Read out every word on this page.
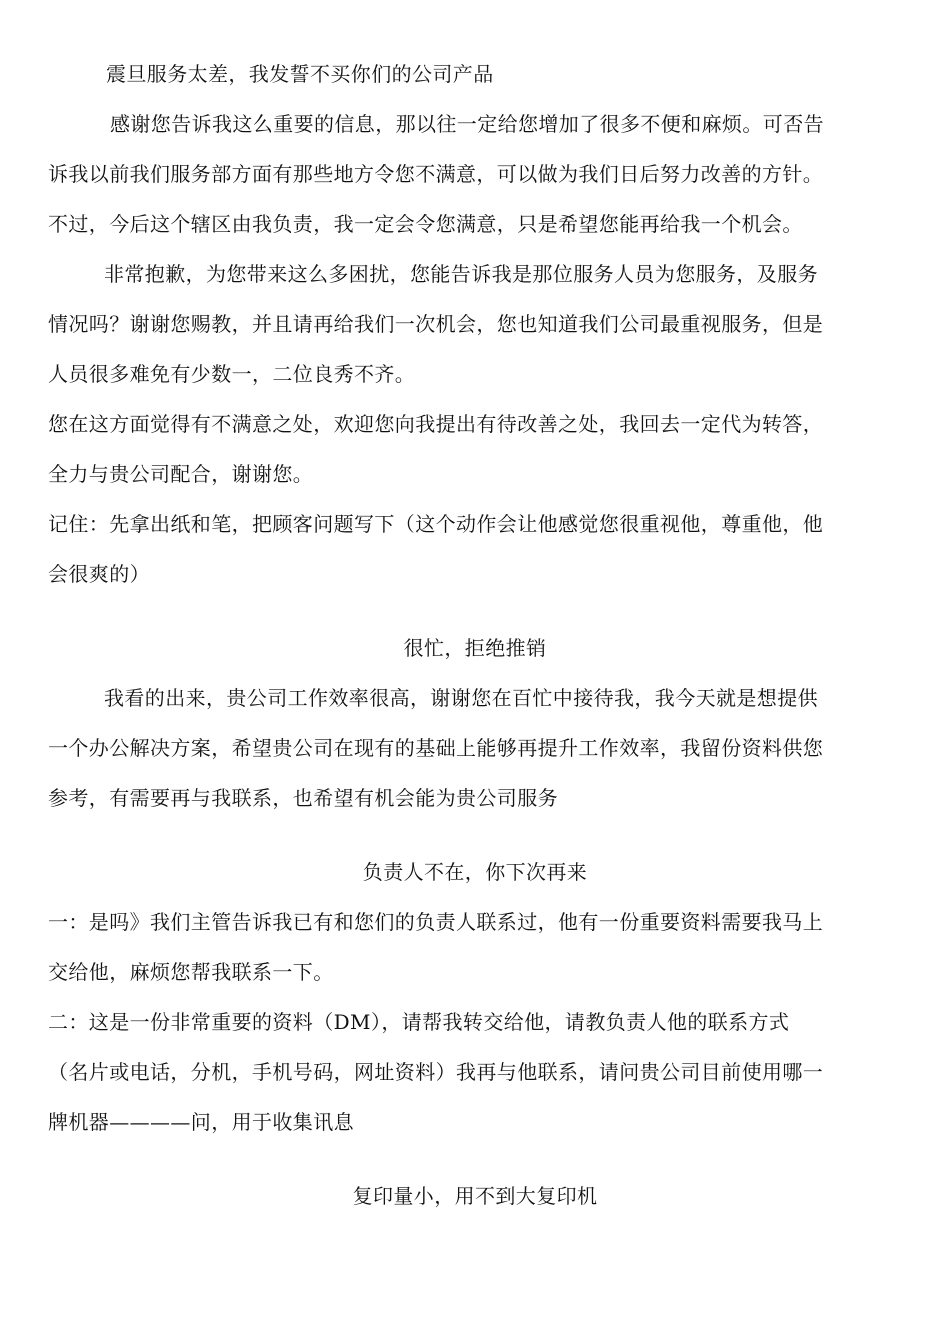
震旦服务太差，我发誓不买你们的公司产品
感谢您告诉我这么重要的信息，那以往一定给您增加了很多不便和麻烦。可否告
诉我以前我们服务部方面有那些地方令您不满意，可以做为我们日后努力改善的方针。
不过，今后这个辖区由我负责，我一定会令您满意，只是希望您能再给我一个机会。
非常抱歉，为您带来这么多困扰，您能告诉我是那位服务人员为您服务，及服务
情况吗？谢谢您赐教，并且请再给我们一次机会，您也知道我们公司最重视服务，但是
人员很多难免有少数一，二位良秀不齐。
您在这方面觉得有不满意之处，欢迎您向我提出有待改善之处，我回去一定代为转答，
全力与贵公司配合，谢谢您。
记住：先拿出纸和笔，把顾客问题写下（这个动作会让他感觉您很重视他，尊重他，他
会很爽的）
很忙，拒绝推销
我看的出来，贵公司工作效率很高，谢谢您在百忙中接待我，我今天就是想提供
一个办公解决方案，希望贵公司在现有的基础上能够再提升工作效率，我留份资料供您
参考，有需要再与我联系，也希望有机会能为贵公司服务
负责人不在，你下次再来
一：是吗》我们主管告诉我已有和您们的负责人联系过，他有一份重要资料需要我马上
交给他，麻烦您帮我联系一下。
二：这是一份非常重要的资料（DM），请帮我转交给他，请教负责人他的联系方式
（名片或电话，分机，手机号码，网址资料）我再与他联系，请问贵公司目前使用哪一
牌机器————问，用于收集讯息
复印量小，用不到大复印机
